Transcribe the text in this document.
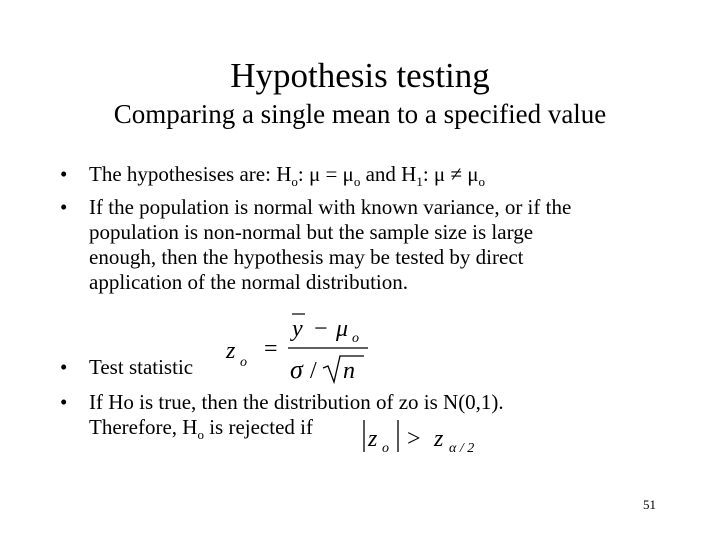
Hypothesis testing
Comparing a single mean to a specified value
•	The hypothesises are: $H_o$: $\mu = \mu_o$ and $H_1$: $\mu \ne \mu_o$
•	If the population is normal with known variance, or if the
population is non-normal but the sample size is large
enough, then the hypothesis may be tested by direct
application of the normal distribution.
•	Test statistic
•	If Ho is true, then the distribution of zo is N(0,1).
Therefore, $H_o$ is rejected if
z o
=
y − μ o
σ / n
z o > z α / 2
51
